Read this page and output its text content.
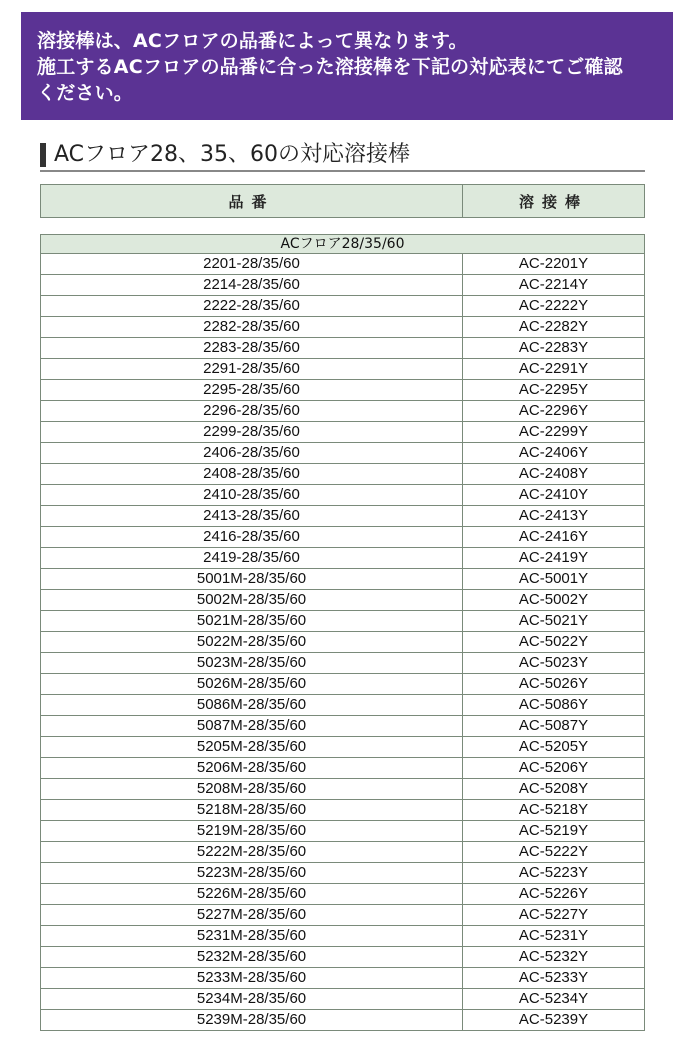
溶接棒は、ACフロアの品番によって異なります。
施工するACフロアの品番に合った溶接棒を下記の対応表にてご確認
ください。
ACフロア28、35、60の対応溶接棒
品番	溶接棒
ACフロア28/35/60
2201-28/35/60	AC-2201Y
2214-28/35/60	AC-2214Y
2222-28/35/60	AC-2222Y
2282-28/35/60	AC-2282Y
2283-28/35/60	AC-2283Y
2291-28/35/60	AC-2291Y
2295-28/35/60	AC-2295Y
2296-28/35/60	AC-2296Y
2299-28/35/60	AC-2299Y
2406-28/35/60	AC-2406Y
2408-28/35/60	AC-2408Y
2410-28/35/60	AC-2410Y
2413-28/35/60	AC-2413Y
2416-28/35/60	AC-2416Y
2419-28/35/60	AC-2419Y
5001M-28/35/60	AC-5001Y
5002M-28/35/60	AC-5002Y
5021M-28/35/60	AC-5021Y
5022M-28/35/60	AC-5022Y
5023M-28/35/60	AC-5023Y
5026M-28/35/60	AC-5026Y
5086M-28/35/60	AC-5086Y
5087M-28/35/60	AC-5087Y
5205M-28/35/60	AC-5205Y
5206M-28/35/60	AC-5206Y
5208M-28/35/60	AC-5208Y
5218M-28/35/60	AC-5218Y
5219M-28/35/60	AC-5219Y
5222M-28/35/60	AC-5222Y
5223M-28/35/60	AC-5223Y
5226M-28/35/60	AC-5226Y
5227M-28/35/60	AC-5227Y
5231M-28/35/60	AC-5231Y
5232M-28/35/60	AC-5232Y
5233M-28/35/60	AC-5233Y
5234M-28/35/60	AC-5234Y
5239M-28/35/60	AC-5239Y
